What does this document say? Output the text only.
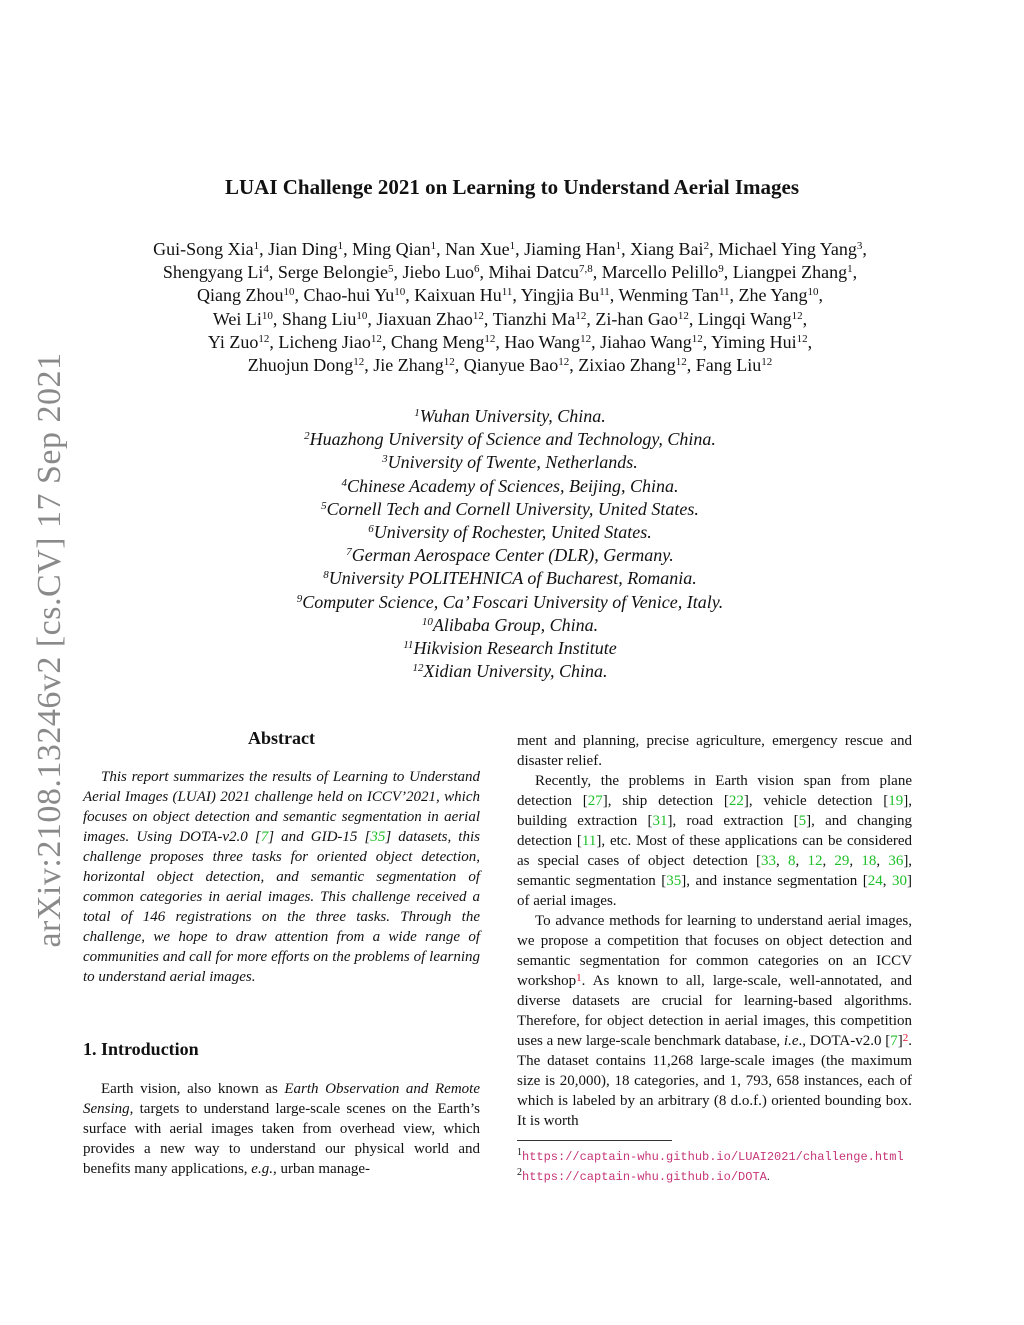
arXiv:2108.13246v2 [cs.CV] 17 Sep 2021
LUAI Challenge 2021 on Learning to Understand Aerial Images
Gui-Song Xia$^1$, Jian Ding$^1$, Ming Qian$^1$, Nan Xue$^1$, Jiaming Han$^1$, Xiang Bai$^2$, Michael Ying Yang$^3$,
Shengyang Li$^4$, Serge Belongie$^5$, Jiebo Luo$^6$, Mihai Datcu$^{7,8}$, Marcello Pelillo$^9$, Liangpei Zhang$^1$,
Qiang Zhou$^{10}$, Chao-hui Yu$^{10}$, Kaixuan Hu$^{11}$, Yingjia Bu$^{11}$, Wenming Tan$^{11}$, Zhe Yang$^{10}$,
Wei Li$^{10}$, Shang Liu$^{10}$, Jiaxuan Zhao$^{12}$, Tianzhi Ma$^{12}$, Zi-han Gao$^{12}$, Lingqi Wang$^{12}$,
Yi Zuo$^{12}$, Licheng Jiao$^{12}$, Chang Meng$^{12}$, Hao Wang$^{12}$, Jiahao Wang$^{12}$, Yiming Hui$^{12}$,
Zhuojun Dong$^{12}$, Jie Zhang$^{12}$, Qianyue Bao$^{12}$, Zixiao Zhang$^{12}$, Fang Liu$^{12}$
$^1$Wuhan University, China.
$^2$Huazhong University of Science and Technology, China.
$^3$University of Twente, Netherlands.
$^4$Chinese Academy of Sciences, Beijing, China.
$^5$Cornell Tech and Cornell University, United States.
$^6$University of Rochester, United States.
$^7$German Aerospace Center (DLR), Germany.
$^8$University POLITEHNICA of Bucharest, Romania.
$^9$Computer Science, Ca’ Foscari University of Venice, Italy.
$^{10}$Alibaba Group, China.
$^{11}$Hikvision Research Institute
$^{12}$Xidian University, China.
Abstract

This report summarizes the results of Learning to Understand Aerial Images (LUAI) 2021 challenge held on ICCV’2021, which focuses on object detection and semantic segmentation in aerial images. Using DOTA-v2.0 [7] and GID-15 [35] datasets, this challenge proposes three tasks for oriented object detection, horizontal object detection, and semantic segmentation of common categories in aerial images. This challenge received a total of 146 registrations on the three tasks. Through the challenge, we hope to draw attention from a wide range of communities and call for more efforts on the problems of learning to understand aerial images.

1. Introduction

Earth vision, also known as Earth Observation and Remote Sensing, targets to understand large-scale scenes on the Earth’s surface with aerial images taken from overhead view, which provides a new way to understand our physical world and benefits many applications, e.g., urban manage-

ment and planning, precise agriculture, emergency rescue and disaster relief.

Recently, the problems in Earth vision span from plane detection [27], ship detection [22], vehicle detection [19], building extraction [31], road extraction [5], and changing detection [11], etc. Most of these applications can be considered as special cases of object detection [33, 8, 12, 29, 18, 36], semantic segmentation [35], and instance segmentation [24, 30] of aerial images.

To advance methods for learning to understand aerial images, we propose a competition that focuses on object detection and semantic segmentation for common categories on an ICCV workshop$^1$. As known to all, large-scale, well-annotated, and diverse datasets are crucial for learning-based algorithms. Therefore, for object detection in aerial images, this competition uses a new large-scale benchmark database, i.e., DOTA-v2.0 $[7]^2$. The dataset contains 11,268 large-scale images (the maximum size is 20,000), 18 categories, and 1, 793, 658 instances, each of which is labeled by an arbitrary (8 d.o.f.) oriented bounding box. It is worth

$^1$https://captain-whu.github.io/LUAI2021/challenge.html
$^2$https://captain-whu.github.io/DOTA.
